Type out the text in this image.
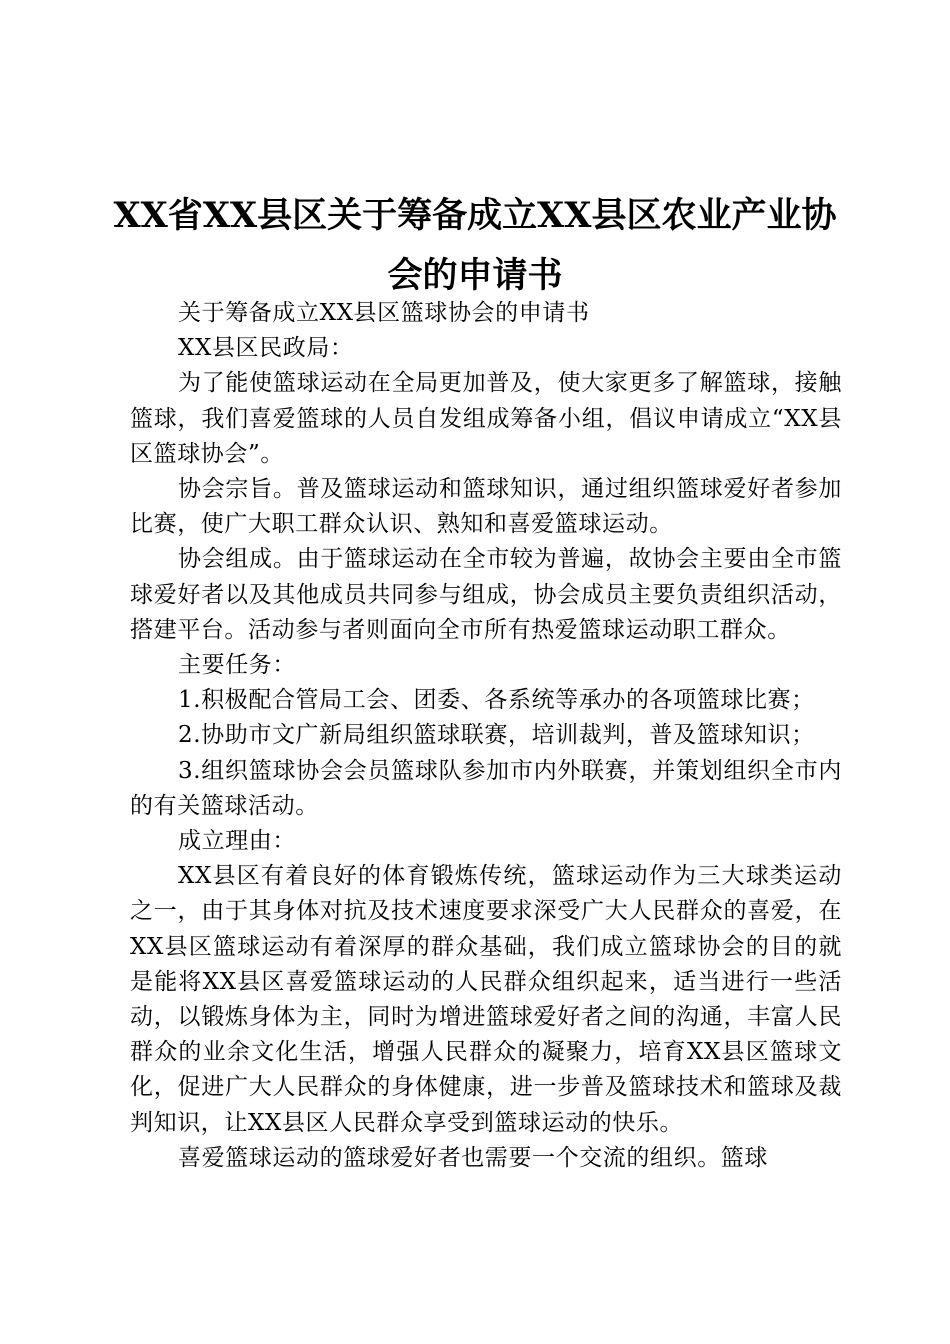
XX省XX县区关于筹备成立XX县区农业产业协会的申请书

关于筹备成立XX县区篮球协会的申请书

XX县区民政局：

为了能使篮球运动在全局更加普及，使大家更多了解篮球，接触篮球，我们喜爱篮球的人员自发组成筹备小组，倡议申请成立“XX县区篮球协会”。

协会宗旨。普及篮球运动和篮球知识，通过组织篮球爱好者参加比赛，使广大职工群众认识、熟知和喜爱篮球运动。

协会组成。由于篮球运动在全市较为普遍，故协会主要由全市篮球爱好者以及其他成员共同参与组成，协会成员主要负责组织活动，搭建平台。活动参与者则面向全市所有热爱篮球运动职工群众。

主要任务：

1.积极配合管局工会、团委、各系统等承办的各项篮球比赛；

2.协助市文广新局组织篮球联赛，培训裁判，普及篮球知识；

3.组织篮球协会会员篮球队参加市内外联赛，并策划组织全市内的有关篮球活动。

成立理由：

XX县区有着良好的体育锻炼传统，篮球运动作为三大球类运动之一，由于其身体对抗及技术速度要求深受广大人民群众的喜爱，在XX县区篮球运动有着深厚的群众基础，我们成立篮球协会的目的就是能将XX县区喜爱篮球运动的人民群众组织起来，适当进行一些活动，以锻炼身体为主，同时为增进篮球爱好者之间的沟通，丰富人民群众的业余文化生活，增强人民群众的凝聚力，培育XX县区篮球文化，促进广大人民群众的身体健康，进一步普及篮球技术和篮球及裁判知识，让XX县区人民群众享受到篮球运动的快乐。

喜爱篮球运动的篮球爱好者也需要一个交流的组织。篮球
